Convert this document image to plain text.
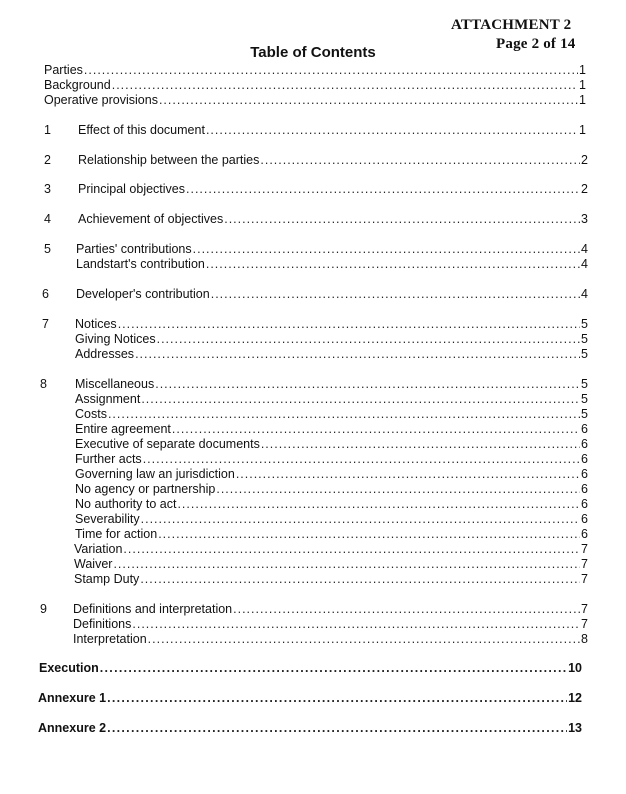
ATTACHMENT 2
Page 2 of 14
Table of Contents
Parties .....	1
Background .....	1
Operative provisions .....	1
1	Effect of this document .....	1
2	Relationship between the parties .....	2
3	Principal objectives .....	2
4	Achievement of objectives .....	3
5	Parties' contributions .....	4
Landstart's contribution .....	4
6	Developer's contribution .....	4
7	Notices .....	5
Giving Notices .....	5
Addresses .....	5
8	Miscellaneous .....	5
Assignment .....	5
Costs .....	5
Entire agreement .....	6
Executive of separate documents .....	6
Further acts .....	6
Governing law an jurisdiction .....	6
No agency or partnership .....	6
No authority to act .....	6
Severability .....	6
Time for action .....	6
Variation .....	7
Waiver .....	7
Stamp Duty .....	7
9	Definitions and interpretation .....	7
Definitions .....	7
Interpretation .....	8
Execution .....	10
Annexure 1 .....	12
Annexure 2 .....	13
